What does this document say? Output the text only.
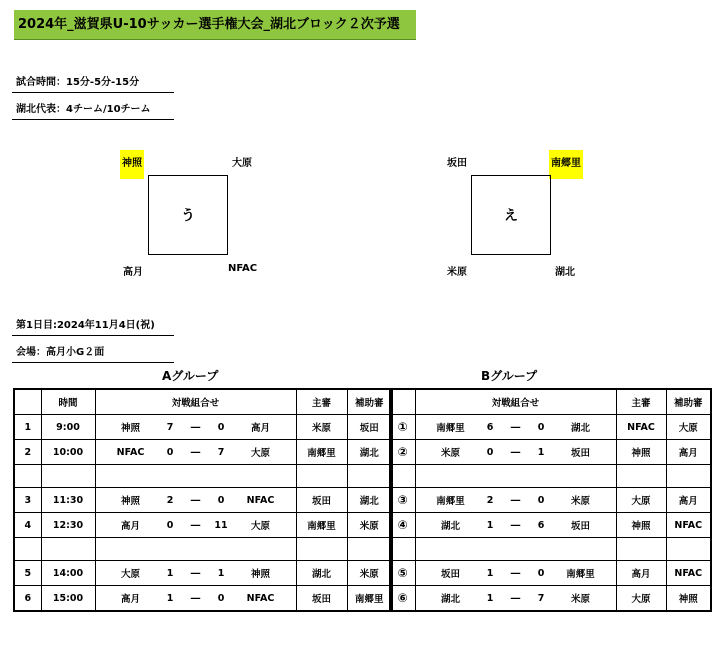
2024年_滋賀県U-10サッカー選手権大会_湖北ブロック２次予選
試合時間：15分-5分-15分
湖北代表：4チーム/10チーム
神照	大原
う
高月	NFAC
坂田	南郷里
え
米原	湖北
第1日目:2024年11月4日(祝)
会場：高月小G２面
Aグループ	Bグループ
	時間	対戦組合せ	主審	補助審
1	9:00	神照 7 ― 0 高月	米原	坂田
2	10:00	NFAC 0 ― 7 大原	南郷里	湖北

3	11:30	神照 2 ― 0 NFAC	坂田	湖北
4	12:30	高月 0 ― 11 大原	南郷里	米原

5	14:00	大原 1 ― 1 神照	湖北	米原
6	15:00	高月 1 ― 0 NFAC	坂田	南郷里
	対戦組合せ	主審	補助審
①	南郷里 6 ― 0 湖北	NFAC	大原
②	米原 0 ― 1 坂田	神照	高月

③	南郷里 2 ― 0 米原	大原	高月
④	湖北 1 ― 6 坂田	神照	NFAC

⑤	坂田 1 ― 0 南郷里	高月	NFAC
⑥	湖北 1 ― 7 米原	大原	神照
